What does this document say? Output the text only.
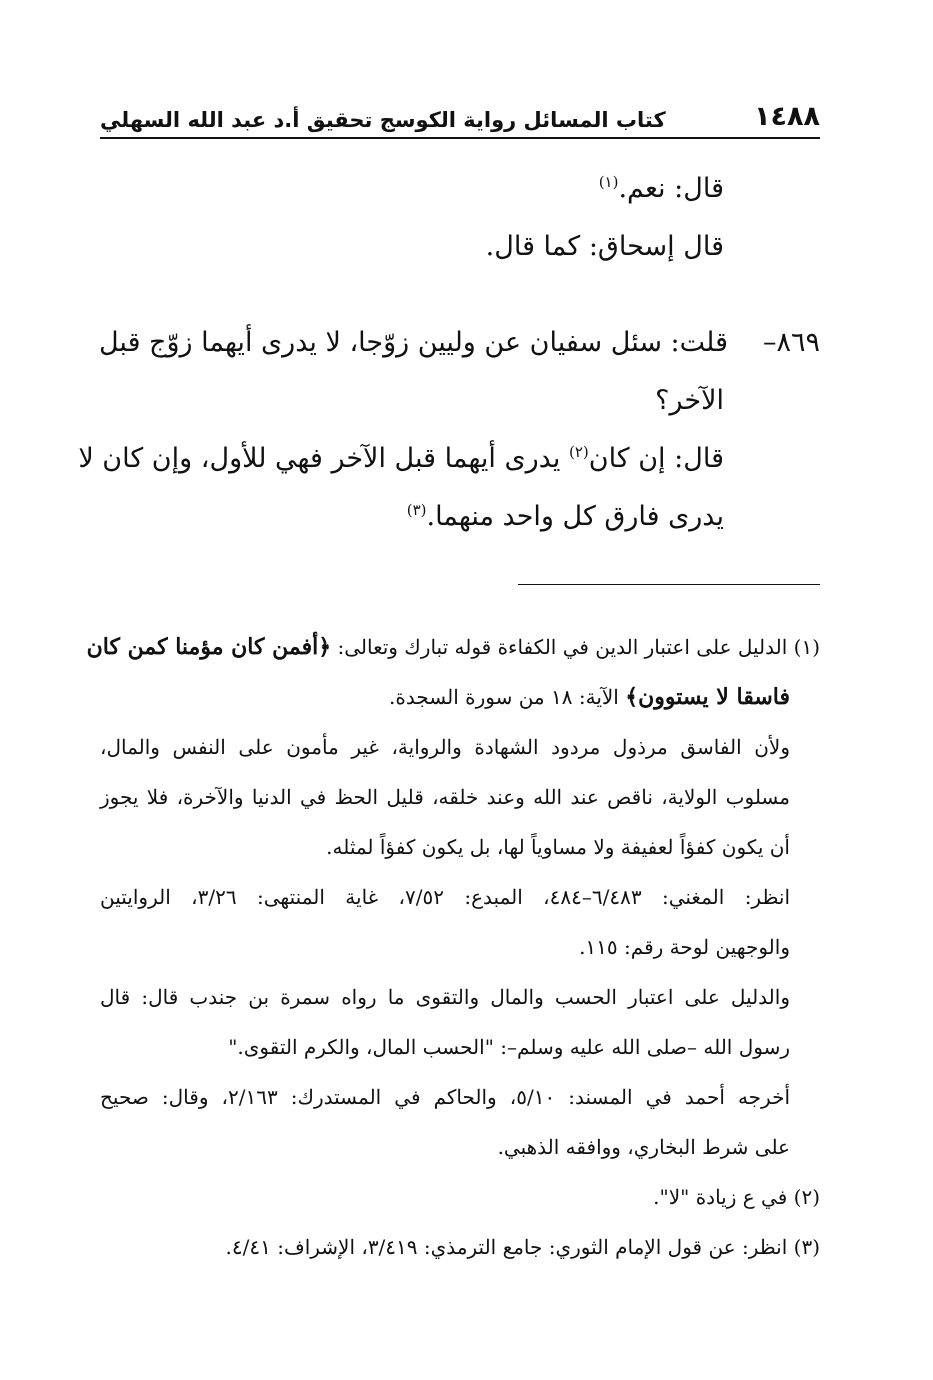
١٤٨٨
كتاب المسائل رواية الكوسج تحقيق أ.د عبد الله السهلي
قال: نعم.$^{(١)}$
قال إسحاق: كما قال.
٨٦٩–قلت: سئل سفيان عن وليين زوّجا، لا يدرى أيهما زوّج قبل
الآخر؟
قال: إن كان$^{(٢)}$ يدرى أيهما قبل الآخر فهي للأول، وإن كان لا
يدرى فارق كل واحد منهما.$^{(٣)}$
(١) الدليل على اعتبار الدين في الكفاءة قوله تبارك وتعالى: ﴿أفمن كان مؤمنا كمن كان
فاسقا لا يستوون﴾ الآية: ١٨ من سورة السجدة.
ولأن الفاسق مرذول مردود الشهادة والرواية، غير مأمون على النفس والمال،
مسلوب الولاية، ناقص عند الله وعند خلقه، قليل الحظ في الدنيا والآخرة، فلا يجوز
أن يكون كفؤاً لعفيفة ولا مساوياً لها، بل يكون كفؤاً لمثله.
انظر: المغني: ٦/٤٨٣–٤٨٤، المبدع: ٧/٥٢، غاية المنتهى: ٣/٢٦، الروايتين
والوجهين لوحة رقم: ١١٥.
والدليل على اعتبار الحسب والمال والتقوى ما رواه سمرة بن جندب قال: قال
رسول الله –صلى الله عليه وسلم–: "الحسب المال، والكرم التقوى."
أخرجه أحمد في المسند: ٥/١٠، والحاكم في المستدرك: ٢/١٦٣، وقال: صحيح
على شرط البخاري، ووافقه الذهبي.
(٢) في ع زيادة "لا".
(٣) انظر: عن قول الإمام الثوري: جامع الترمذي: ٣/٤١٩، الإشراف: ٤/٤١.
